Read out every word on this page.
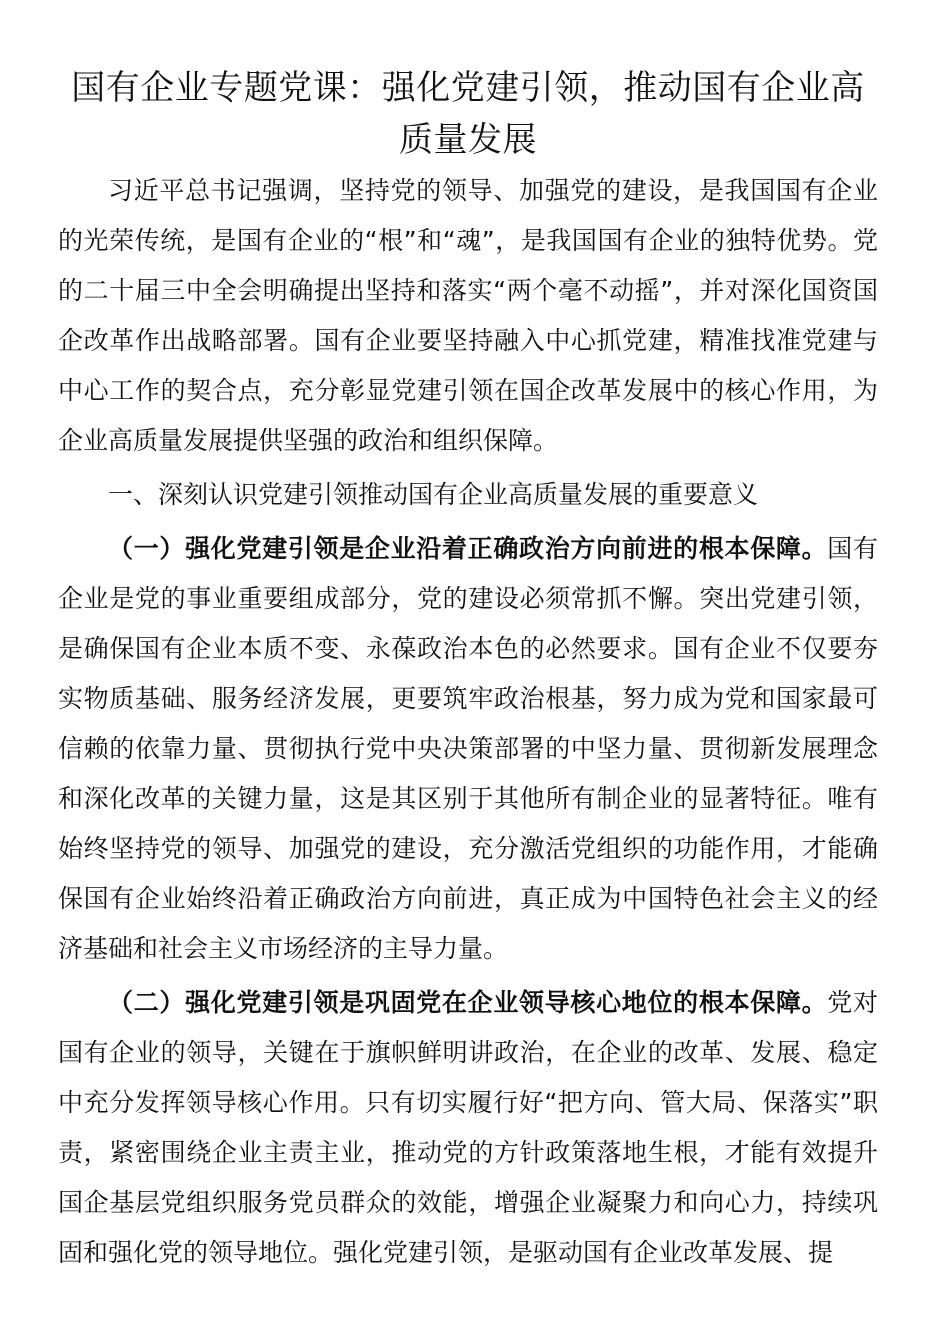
国有企业专题党课：强化党建引领，推动国有企业高质量发展

习近平总书记强调，坚持党的领导、加强党的建设，是我国国有企业的光荣传统，是国有企业的“根”和“魂”，是我国国有企业的独特优势。党的二十届三中全会明确提出坚持和落实“两个毫不动摇”，并对深化国资国企改革作出战略部署。国有企业要坚持融入中心抓党建，精准找准党建与中心工作的契合点，充分彰显党建引领在国企改革发展中的核心作用，为企业高质量发展提供坚强的政治和组织保障。

一、深刻认识党建引领推动国有企业高质量发展的重要意义

（一）强化党建引领是企业沿着正确政治方向前进的根本保障。国有企业是党的事业重要组成部分，党的建设必须常抓不懈。突出党建引领，是确保国有企业本质不变、永葆政治本色的必然要求。国有企业不仅要夯实物质基础、服务经济发展，更要筑牢政治根基，努力成为党和国家最可信赖的依靠力量、贯彻执行党中央决策部署的中坚力量、贯彻新发展理念和深化改革的关键力量，这是其区别于其他所有制企业的显著特征。唯有始终坚持党的领导、加强党的建设，充分激活党组织的功能作用，才能确保国有企业始终沿着正确政治方向前进，真正成为中国特色社会主义的经济基础和社会主义市场经济的主导力量。

（二）强化党建引领是巩固党在企业领导核心地位的根本保障。党对国有企业的领导，关键在于旗帜鲜明讲政治，在企业的改革、发展、稳定中充分发挥领导核心作用。只有切实履行好“把方向、管大局、保落实”职责，紧密围绕企业主责主业，推动党的方针政策落地生根，才能有效提升国企基层党组织服务党员群众的效能，增强企业凝聚力和向心力，持续巩固和强化党的领导地位。强化党建引领，是驱动国有企业改革发展、提
